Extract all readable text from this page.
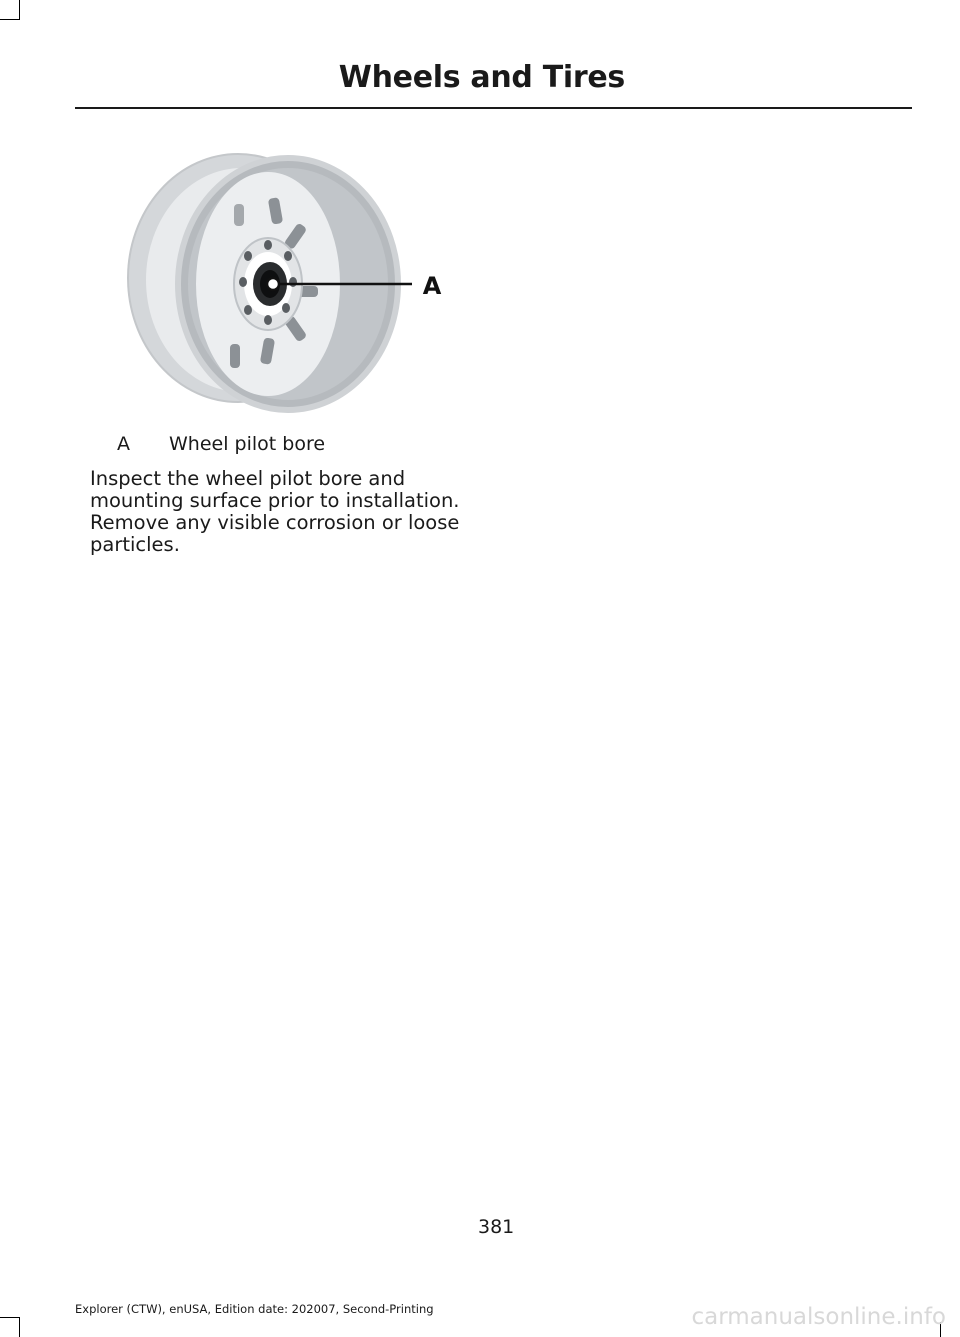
Wheels and Tires
A
A Wheel pilot bore
Inspect the wheel pilot bore and mounting surface prior to installation. Remove any visible corrosion or loose particles.
381
Explorer (CTW), enUSA, Edition date: 202007, Second-Printing	carmanualsonline.info
